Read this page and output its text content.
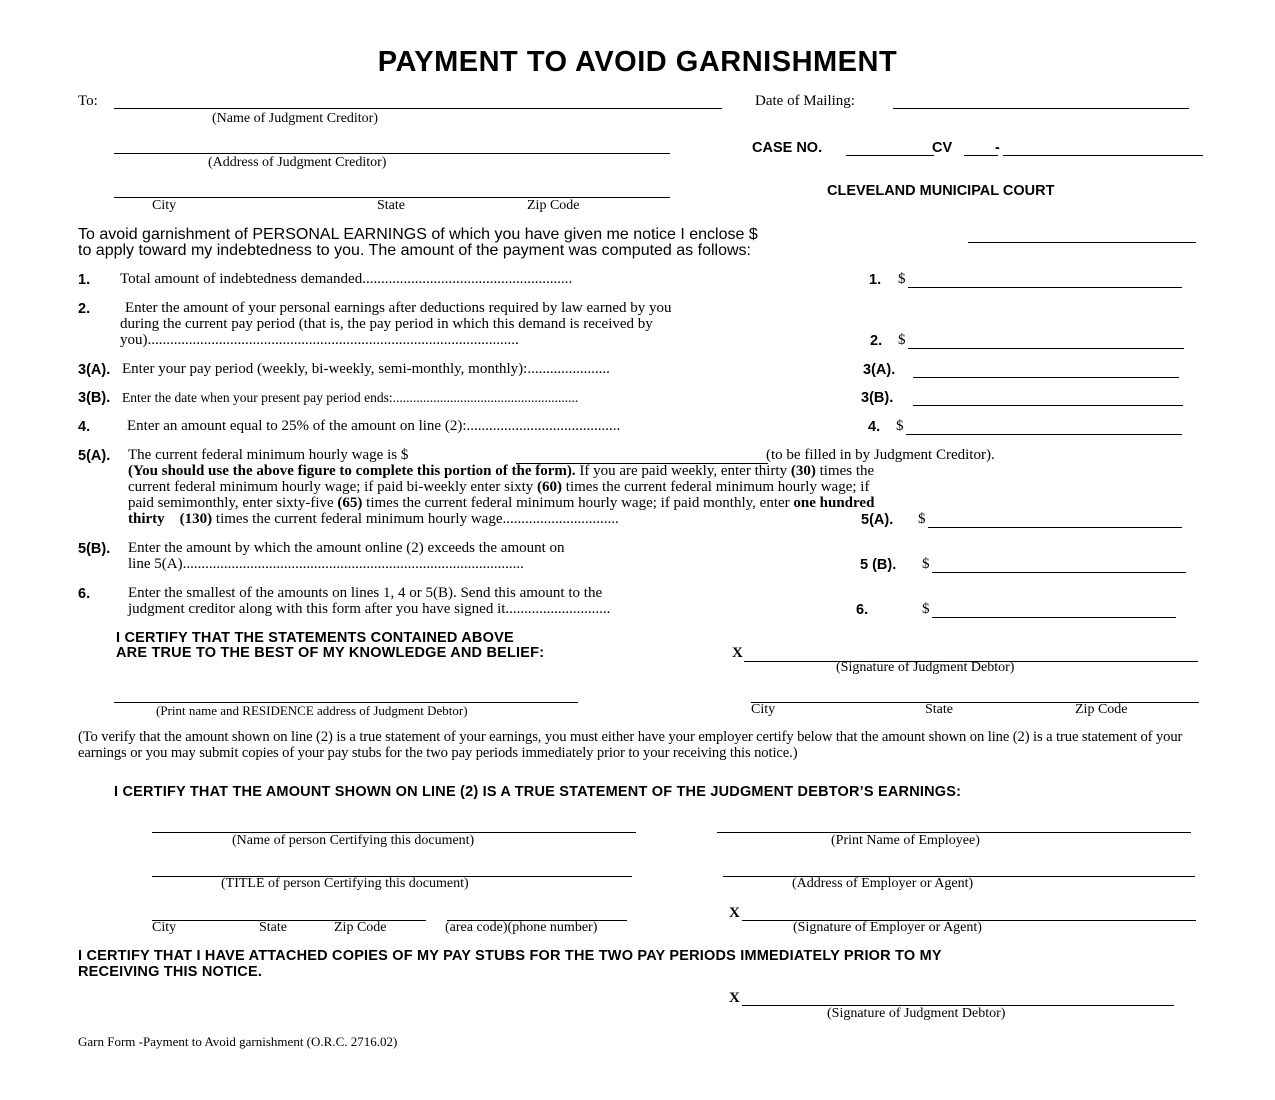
PAYMENT TO AVOID GARNISHMENT
To:
(Name of Judgment Creditor)
(Address of Judgment Creditor)
City	State	Zip Code
Date of Mailing:
CASE NO.	CV	-
CLEVELAND MUNICIPAL COURT
To avoid garnishment of PERSONAL EARNINGS of which you have given me notice I enclose $
to apply toward my indebtedness to you. The amount of the payment was computed as follows:
1. Total amount of indebtedness demanded........................................................	1. $
2. Enter the amount of your personal earnings after deductions required by law earned by you
during the current pay period (that is, the pay period in which this demand is received by
you)...................................................................................................	2. $
3(A). Enter your pay period (weekly, bi-weekly, semi-monthly, monthly):......................	3(A).
3(B). Enter the date when your present pay period ends:.......................................................	3(B).
4. Enter an amount equal to 25% of the amount on line (2):.........................................	4. $
5(A). The current federal minimum hourly wage is $	(to be filled in by Judgment Creditor).
(You should use the above figure to complete this portion of the form). If you are paid weekly, enter thirty (30) times the
current federal minimum hourly wage; if paid bi-weekly enter sixty (60) times the current federal minimum hourly wage; if
paid semimonthly, enter sixty-five (65) times the current federal minimum hourly wage; if paid monthly, enter one hundred
thirty (130) times the current federal minimum hourly wage...............................	5(A). $
5(B). Enter the amount by which the amount online (2) exceeds the amount on
line 5(A)...........................................................................................	5 (B). $
6.	Enter the smallest of the amounts on lines 1, 4 or 5(B). Send this amount to the
judgment creditor along with this form after you have signed it............................	6.	$
I CERTIFY THAT THE STATEMENTS CONTAINED ABOVE
ARE TRUE TO THE BEST OF MY KNOWLEDGE AND BELIEF:	X
(Signature of Judgment Debtor)
(Print name and RESIDENCE address of Judgment Debtor)	City	State	Zip Code
(To verify that the amount shown on line (2) is a true statement of your earnings, you must either have your employer certify below that the amount shown on line (2) is a true statement of your earnings or you may submit copies of your pay stubs for the two pay periods immediately prior to your receiving this notice.)
I CERTIFY THAT THE AMOUNT SHOWN ON LINE (2) IS A TRUE STATEMENT OF THE JUDGMENT DEBTOR’S EARNINGS:
(Name of person Certifying this document)
(TITLE of person Certifying this document)
City	State	Zip Code	(area code)(phone number)
(Print Name of Employee)
(Address of Employer or Agent)
X
(Signature of Employer or Agent)
I CERTIFY THAT I HAVE ATTACHED COPIES OF MY PAY STUBS FOR THE TWO PAY PERIODS IMMEDIATELY PRIOR TO MY
RECEIVING THIS NOTICE.
X
(Signature of Judgment Debtor)
Garn Form -Payment to Avoid garnishment (O.R.C. 2716.02)
